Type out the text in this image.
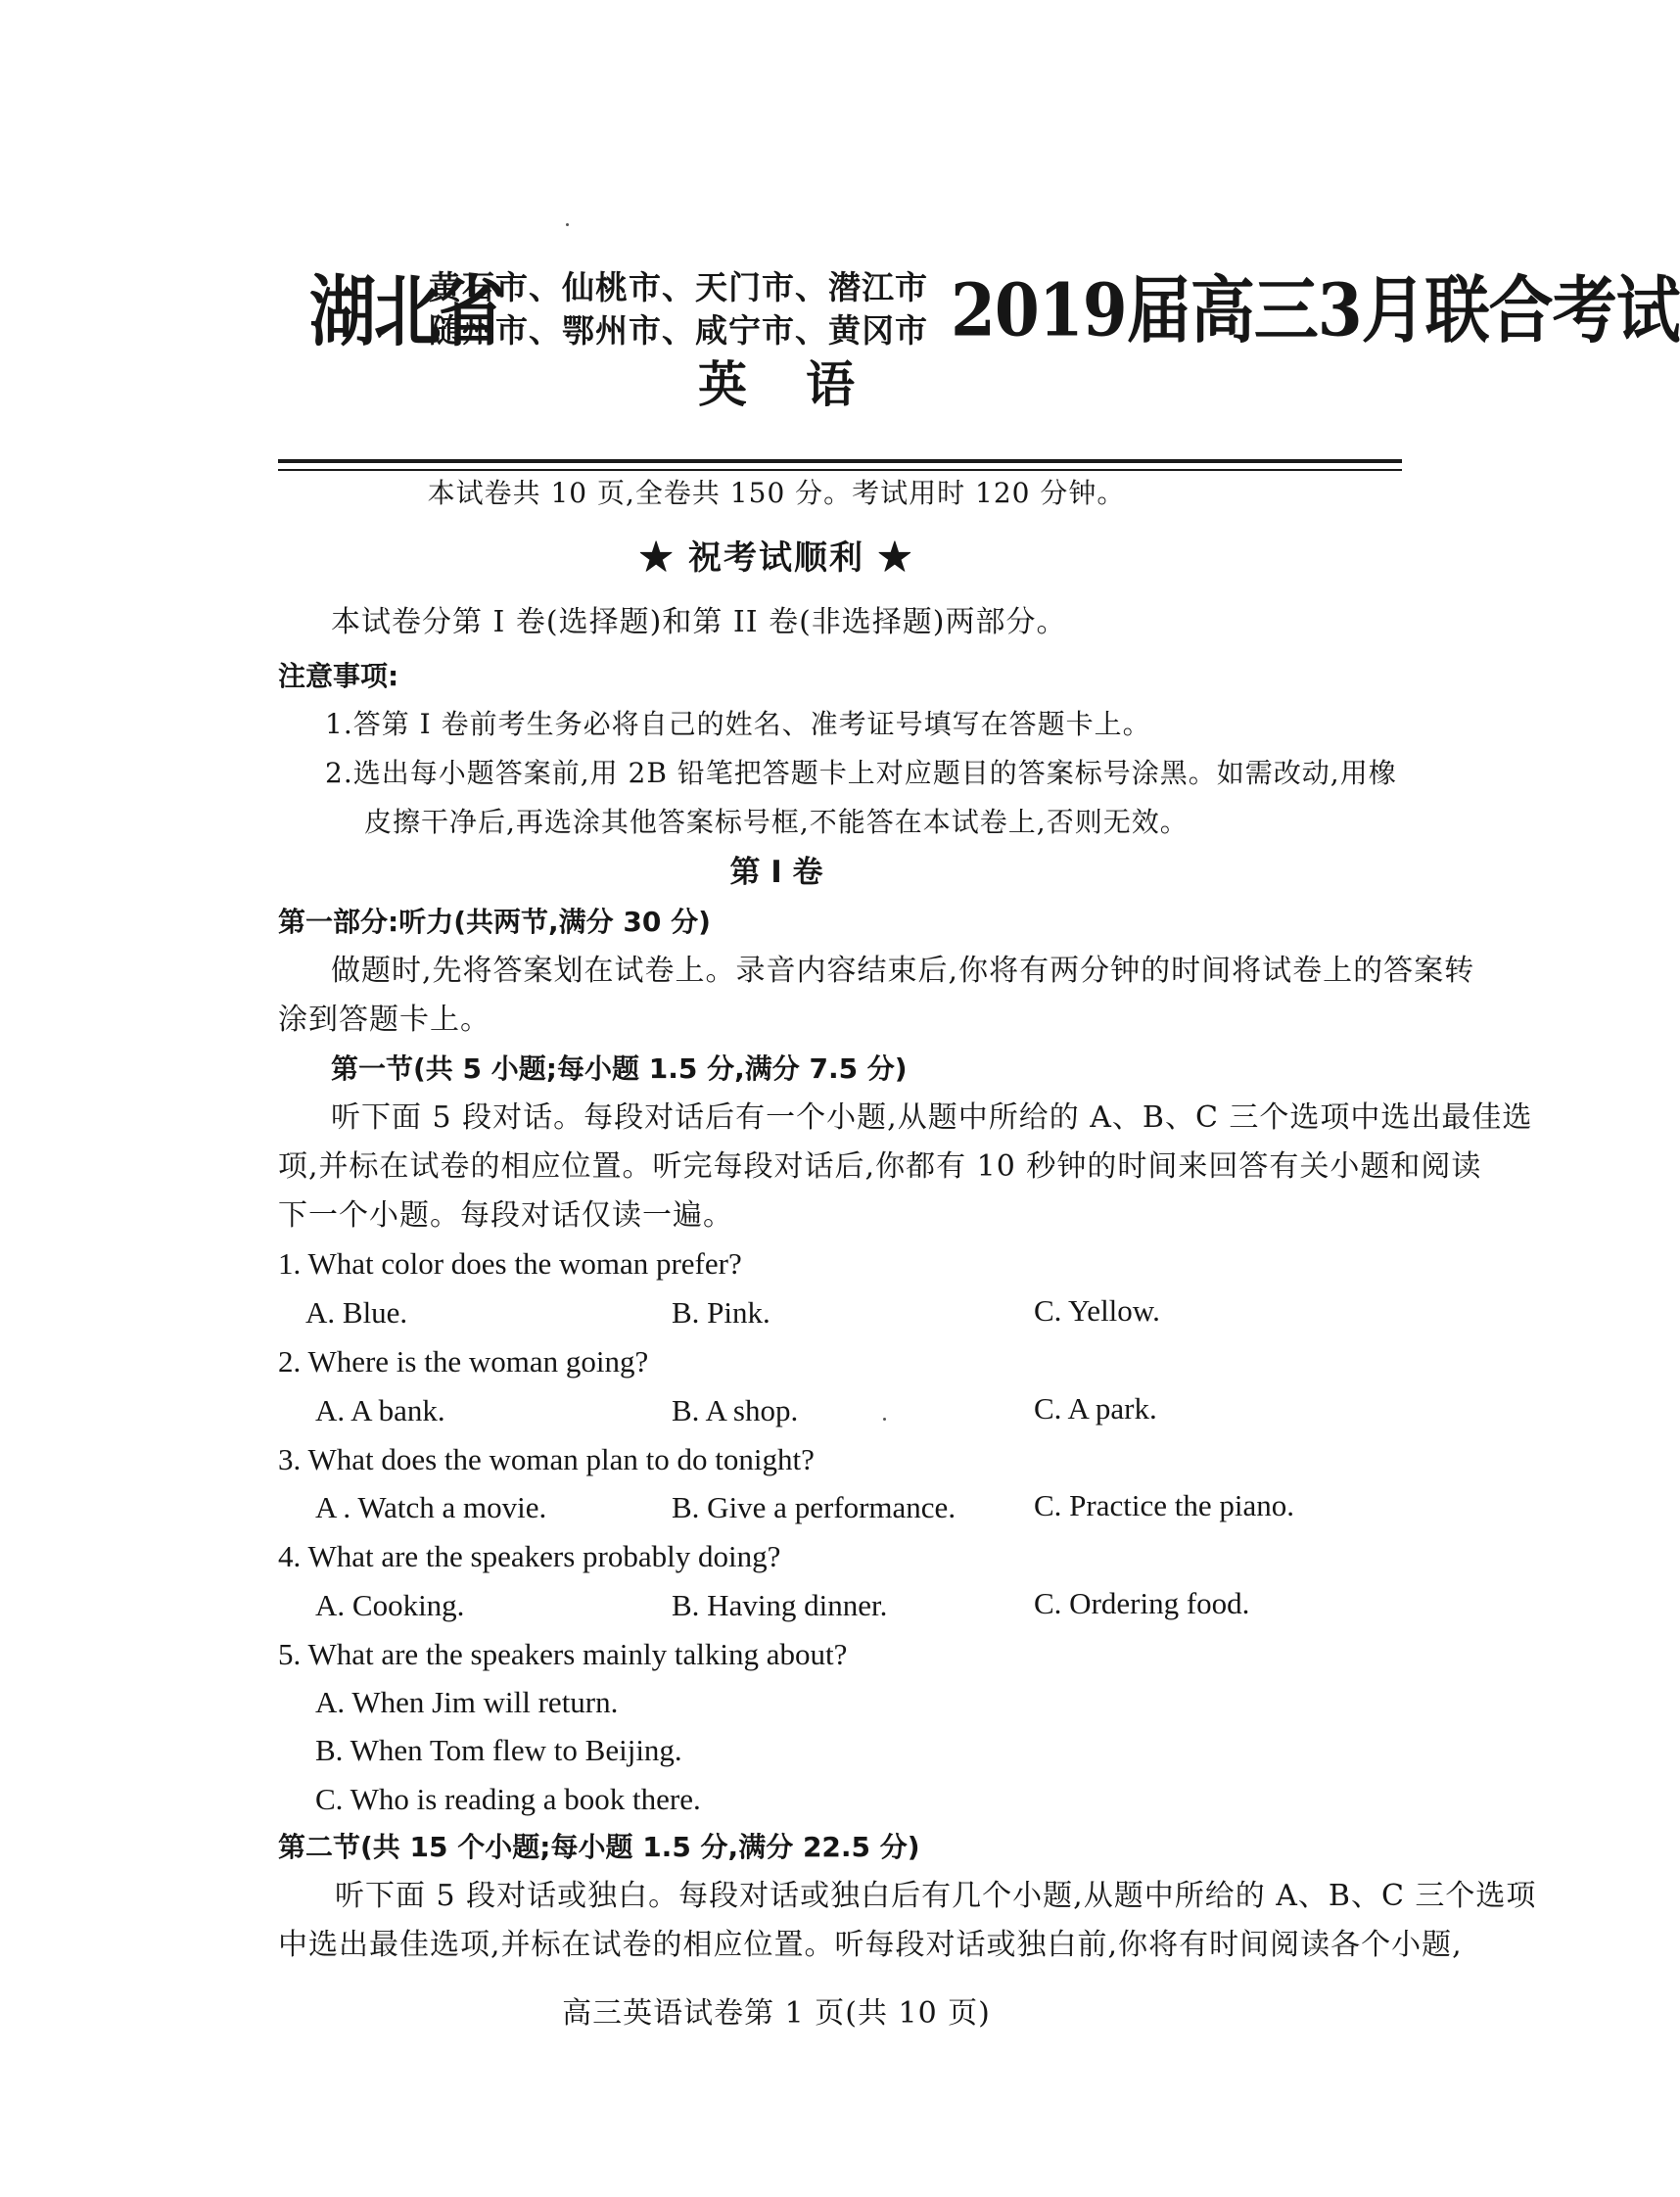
湖北省
黄石市、仙桃市、天门市、潜江市
随州市、鄂州市、咸宁市、黄冈市 2019届高三3月联合考试
英语
本试卷共 10 页,全卷共 150 分。考试用时 120 分钟。
★ 祝考试顺利 ★
本试卷分第 I 卷(选择题)和第 II 卷(非选择题)两部分。
注意事项:
1.答第 I 卷前考生务必将自己的姓名、准考证号填写在答题卡上。
2.选出每小题答案前,用 2B 铅笔把答题卡上对应题目的答案标号涂黑。如需改动,用橡
皮擦干净后,再选涂其他答案标号框,不能答在本试卷上,否则无效。
第 I 卷
第一部分:听力(共两节,满分 30 分)
做题时,先将答案划在试卷上。录音内容结束后,你将有两分钟的时间将试卷上的答案转
涂到答题卡上。
第一节(共 5 小题;每小题 1.5 分,满分 7.5 分)
听下面 5 段对话。每段对话后有一个小题,从题中所给的 A、B、C 三个选项中选出最佳选
项,并标在试卷的相应位置。听完每段对话后,你都有 10 秒钟的时间来回答有关小题和阅读
下一个小题。每段对话仅读一遍。
1. What color does the woman prefer?
A. Blue.	B. Pink.	C. Yellow.
2. Where is the woman going?
A. A bank.	B. A shop.	C. A park.
3. What does the woman plan to do tonight?
A . Watch a movie.	B. Give a performance.	C. Practice the piano.
4. What are the speakers probably doing?
A. Cooking.	B. Having dinner.	C. Ordering food.
5. What are the speakers mainly talking about?
A. When Jim will return.
B. When Tom flew to Beijing.
C. Who is reading a book there.
第二节(共 15 个小题;每小题 1.5 分,满分 22.5 分)
听下面 5 段对话或独白。每段对话或独白后有几个小题,从题中所给的 A、B、C 三个选项
中选出最佳选项,并标在试卷的相应位置。听每段对话或独白前,你将有时间阅读各个小题,
高三英语试卷第 1 页(共 10 页)
